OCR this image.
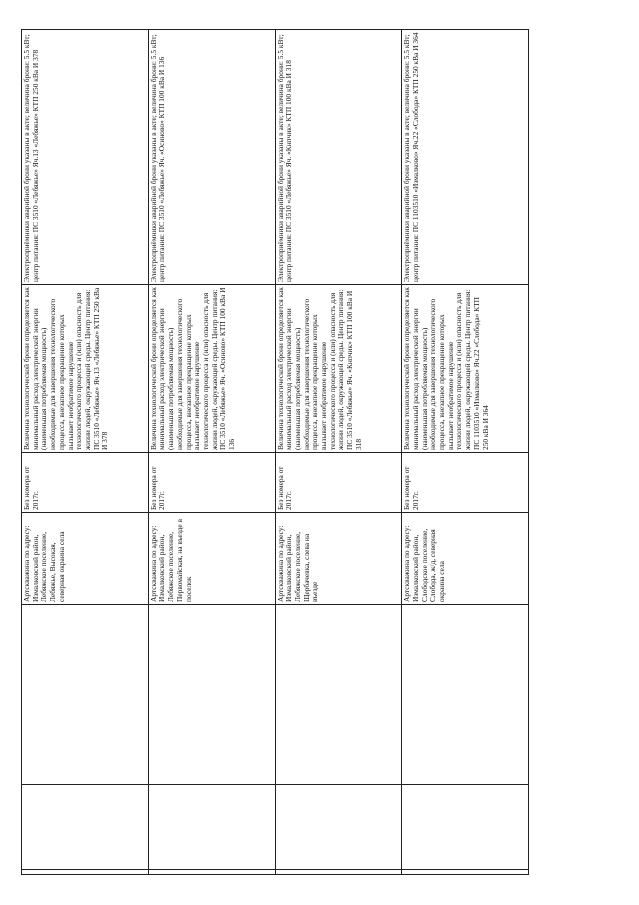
	Артскважина по адресу: Измалковский район, Лебяжское поселение, Лебяжье, Высокая, северная окраина села	Без номера от 2017г.	Величина технологической брони определяется как минимальный расход электрической энергии (наименьшая потребляемая мощность) необходимые для завершения технологического процесса, внезапное прекращение которых вызывает необратимое нарушение технологического процесса и (или) опасность для жизни людей, окружающей среды. Центр питания: ПС 3510 «Лебяжье» Яч.13 «Лебяжье» КТП 250 кВа И 378	Электроприёмники аварийной брони указаны в акте; величина брони: 5.5 кВт; центр питания: ПС 3510 «Лебяжье» Яч.13 «Лебяжье» КТП 250 кВа И 378
	Артскважина по адресу: Измалковский район, Лебяжское поселение, Первомайская, на въезде в поселок	Без номера от 2017г.	Величина технологической брони определяется как минимальный расход электрической энергии (наименьшая потребляемая мощность) необходимые для завершения технологического процесса, внезапное прекращение которых вызывает необратимое нарушение технологического процесса и (или) опасность для жизни людей, окружающей среды. Центр питания: ПС 3510 «Лебяжье» Яч. «Осиново» КТП 100 кВа И 136	Электроприёмники аварийной брони указаны в акте; величина брони: 5.5 кВт; центр питания: ПС 3510 «Лебяжье» Яч. «Осиново» КТП 100 кВа И 136
	Артскважина по адресу: Измалковский район, Лебяжское поселение, Щербачевка, слева на въезде	Без номера от 2017г.	Величина технологической брони определяется как минимальный расход электрической энергии (наименьшая потребляемая мощность) необходимые для завершения технологического процесса, внезапное прекращение которых вызывает необратимое нарушение технологического процесса и (или) опасность для жизни людей, окружающей среды. Центр питания: ПС 3510 «Лебяжье» Яч. «Кнпчик» КТП 100 кВа И 318	Электроприёмники аварийной брони указаны в акте; величина брони: 5.5 кВт; центр питания: ПС 3510 «Лебяжье» Яч. «Кнпчик» КТП 100 кВа И 318
	Артскважина по адресу: Измалковский район, Слободское поселение, Слобода, ж/д, северная окраина села	Без номера от 2017г.	Величина технологической брони определяется как минимальный расход электрической энергии (наименьшая потребляемая мощность) необходимые для завершения технологического процесса, внезапное прекращение которых вызывает необратимое нарушение технологического процесса и (или) опасность для жизни людей, окружающей среды. Центр питания: ПС 1103510 «Измалково» Яч.22 «Слобода» КТП 250 кВа И 364	Электроприёмники аварийной брони указаны в акте; величина брони: 5.5 кВт; центр питания: ПС 1103510 «Измалково» Яч.22 «Слобода» КТП 250 кВа И 364
